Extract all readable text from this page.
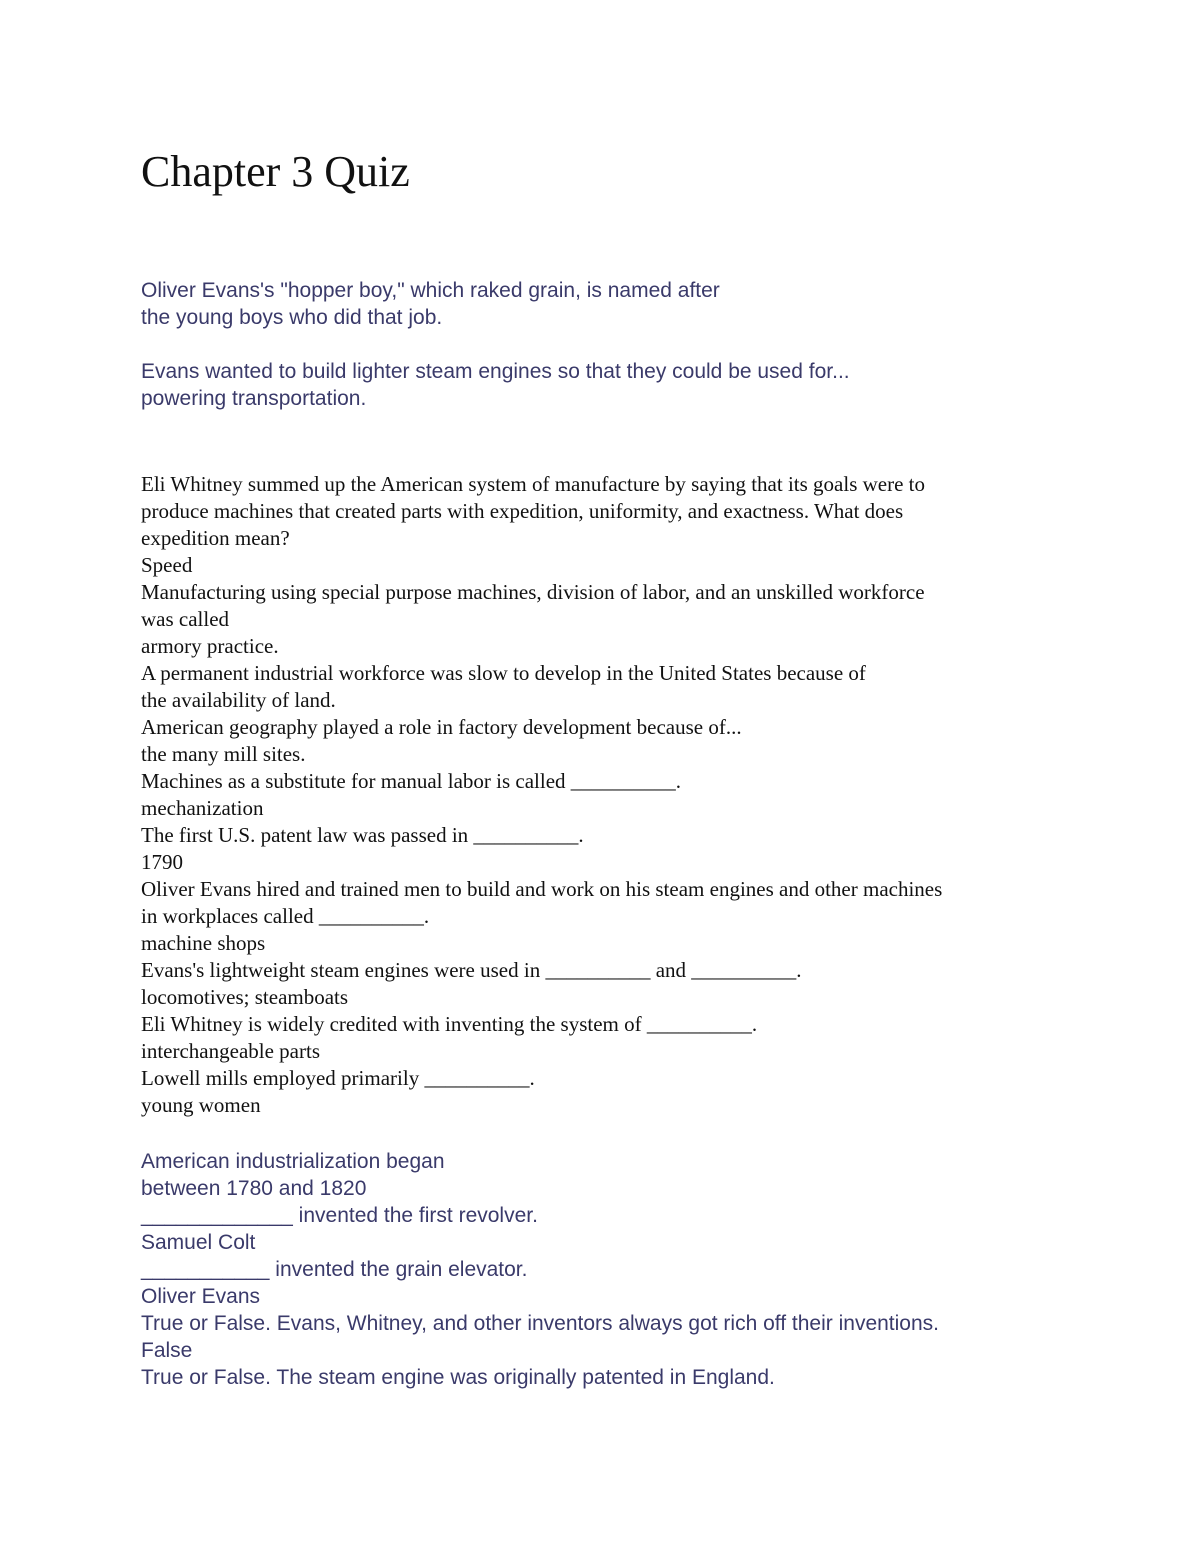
Chapter 3 Quiz
Oliver Evans's "hopper boy," which raked grain, is named after
the young boys who did that job.
Evans wanted to build lighter steam engines so that they could be used for...
powering transportation.
Eli Whitney summed up the American system of manufacture by saying that its goals were to
produce machines that created parts with expedition, uniformity, and exactness. What does
expedition mean?
Speed
Manufacturing using special purpose machines, division of labor, and an unskilled workforce
was called
armory practice.
A permanent industrial workforce was slow to develop in the United States because of
the availability of land.
American geography played a role in factory development because of...
the many mill sites.
Machines as a substitute for manual labor is called __________.
mechanization
The first U.S. patent law was passed in __________.
1790
Oliver Evans hired and trained men to build and work on his steam engines and other machines
in workplaces called __________.
machine shops
Evans's lightweight steam engines were used in __________ and __________.
locomotives; steamboats
Eli Whitney is widely credited with inventing the system of __________.
interchangeable parts
Lowell mills employed primarily __________.
young women
American industrialization began
between 1780 and 1820
_____________ invented the first revolver.
Samuel Colt
___________ invented the grain elevator.
Oliver Evans
True or False. Evans, Whitney, and other inventors always got rich off their inventions.
False
True or False. The steam engine was originally patented in England.
